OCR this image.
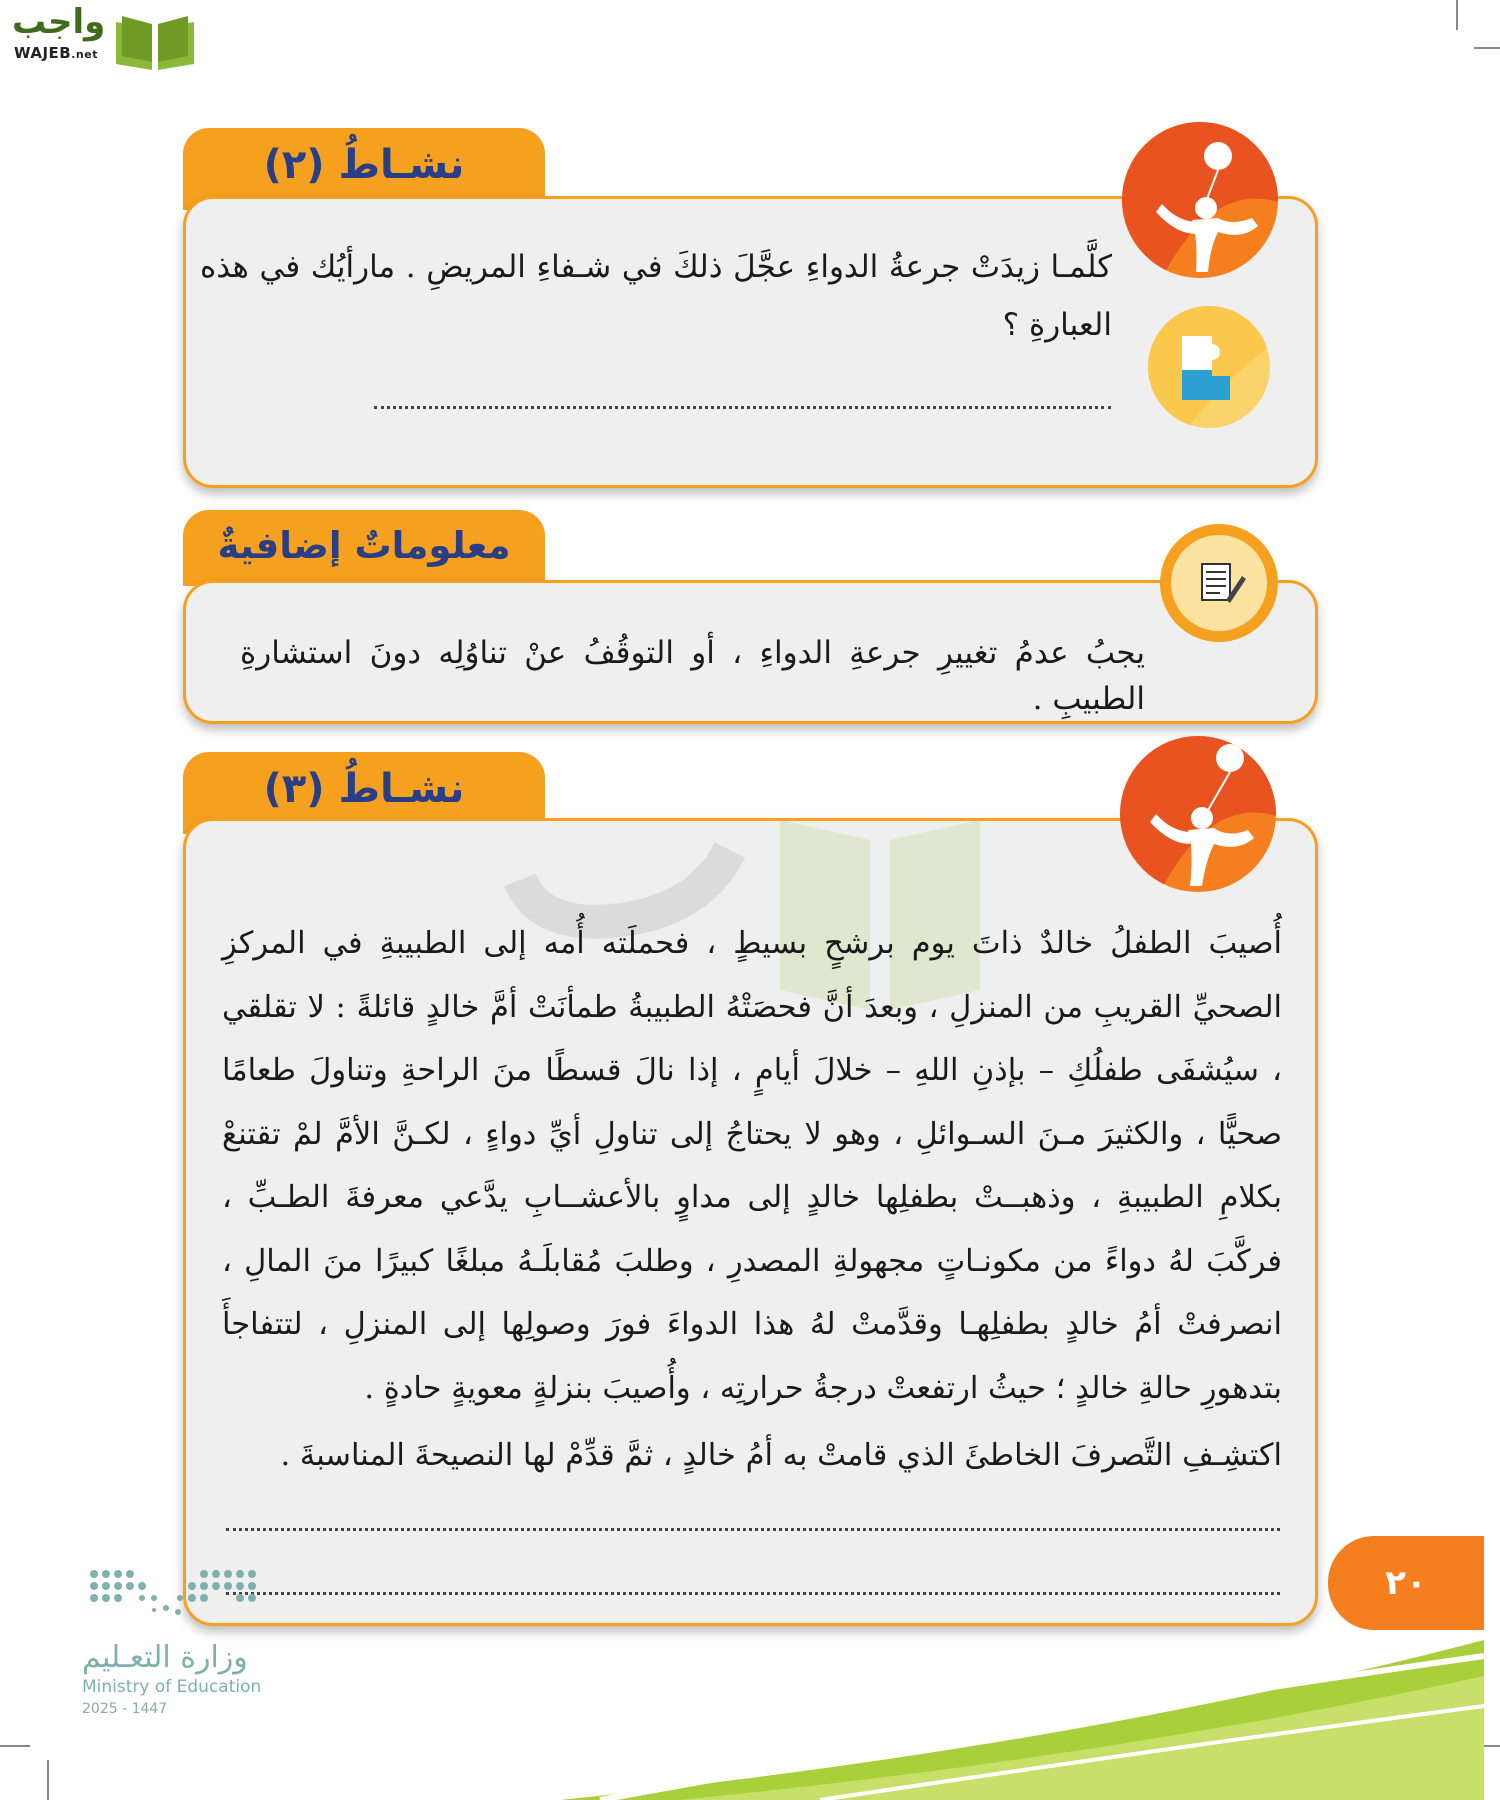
واجب
WAJEB.net
نشـاطُ (٢)
كلَّمـا زيدَتْ جرعةُ الدواءِ عجَّلَ ذلكَ في شـفاءِ المريضِ . مارأيُك في هذه العبارةِ ؟
معلوماتٌ إضافيةٌ
يجبُ عدمُ تغييرِ جرعةِ الدواءِ ، أو التوقُفُ عنْ تناوُلِه دونَ استشارةِ الطبيبِ .
نشـاطُ (٣)
أُصيبَ الطفلُ خالدٌ ذاتَ يوم برشحٍ بسيطٍ ، فحملَته أُمه إلى الطبيبةِ في المركزِ الصحيِّ القريبِ من المنزلِ ، وبعدَ أنَّ فحصَتْهُ الطبيبةُ طمأنَتْ أمَّ خالدٍ قائلةً : لا تقلقي ، سيُشفَى طفلُكِ – بإذنِ اللهِ – خلالَ أيامٍ ، إذا نالَ قسطًا منَ الراحةِ وتناولَ طعامًا صحيًّا ، والكثيرَ مـنَ السـوائلِ ، وهو لا يحتاجُ إلى تناولِ أيِّ دواءٍ ، لكـنَّ الأمَّ لمْ تقتنعْ بكلامِ الطبيبةِ ، وذهبــتْ بطفلِها خالدٍ إلى مداوٍ بالأعشــابِ يدَّعي معرفةَ الطـبِّ ، فركَّبَ لهُ دواءً من مكونـاتٍ مجهولةِ المصدرِ ، وطلبَ مُقابلَـهُ مبلغًا كبيرًا منَ المالِ ، انصرفتْ أمُ خالدٍ بطفلِهـا وقدَّمتْ لهُ هذا الدواءَ فورَ وصولِها إلى المنزلِ ، لتتفاجأَ بتدهورِ حالةِ خالدٍ ؛ حيثُ ارتفعتْ درجةُ حرارتِه ، وأُصيبَ بنزلةٍ معويةٍ حادةٍ .
اكتشِـفِ التَّصرفَ الخاطئَ الذي قامتْ به أمُ خالدٍ ، ثمَّ قدِّمْ لها النصيحةَ المناسبةَ .
٢٠
وزارة التعـليم
Ministry of Education
2025 - 1447
